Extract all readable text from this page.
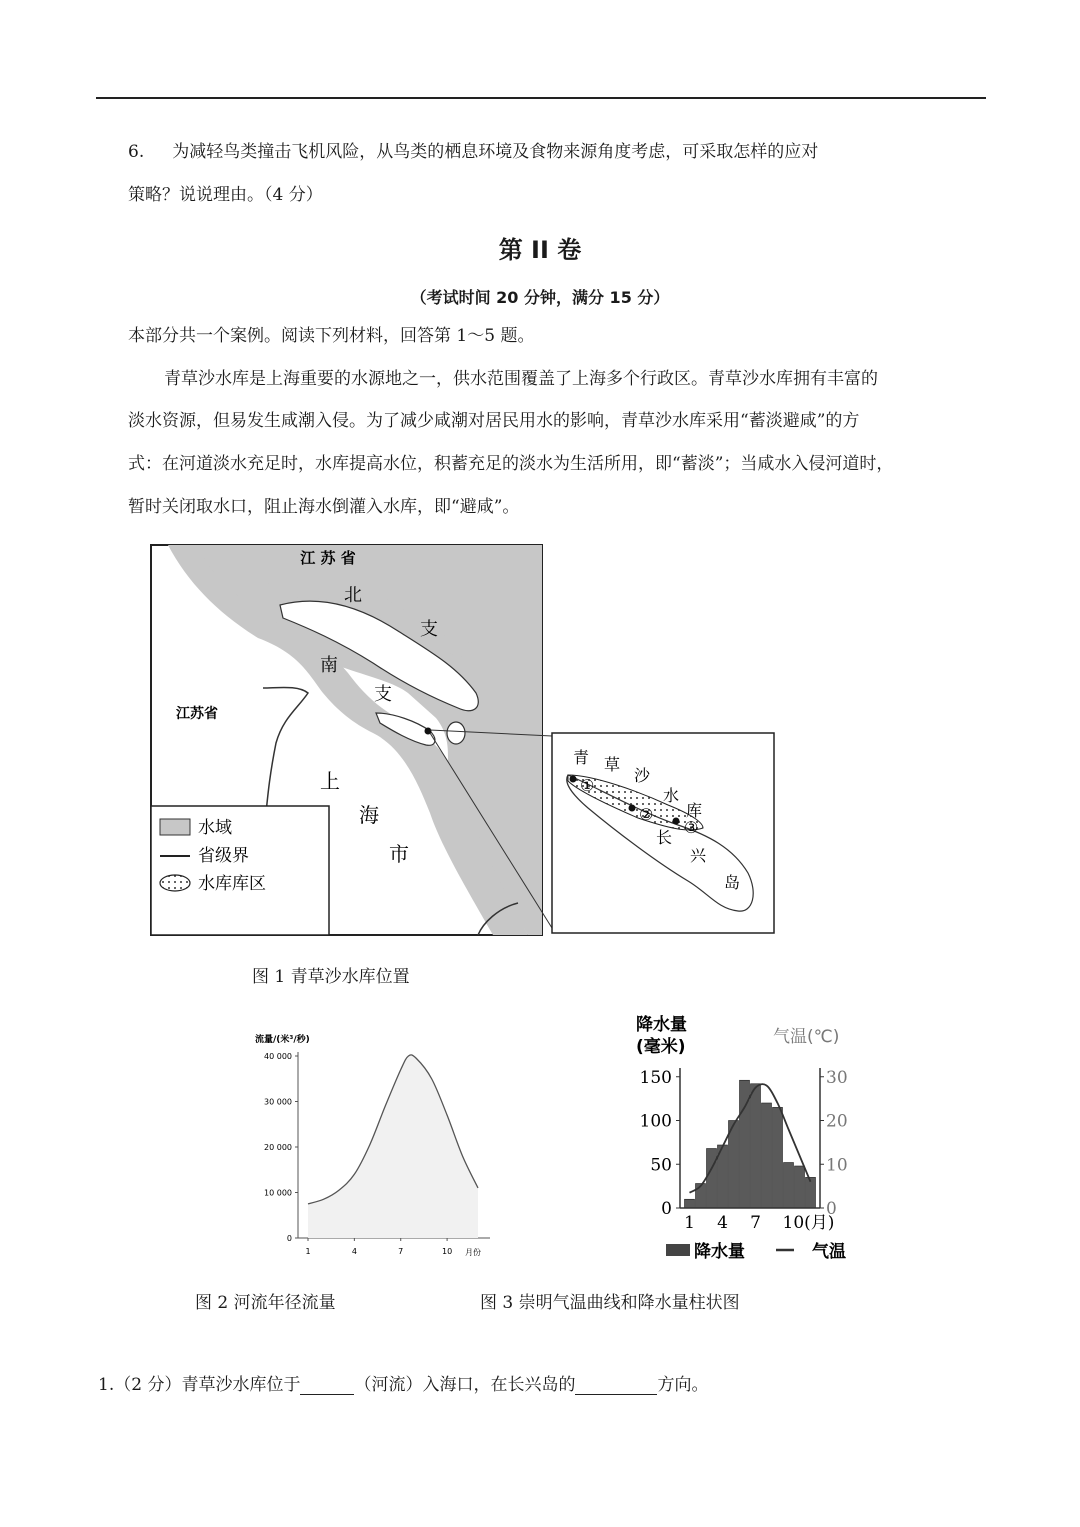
6. 为减轻鸟类撞击飞机风险，从鸟类的栖息环境及食物来源角度考虑，可采取怎样的应对
策略？说说理由。（4 分）
第 II 卷
（考试时间 20 分钟，满分 15 分）
本部分共一个案例。阅读下列材料，回答第 1～5 题。
青草沙水库是上海重要的水源地之一，供水范围覆盖了上海多个行政区。青草沙水库拥有丰富的
淡水资源，但易发生咸潮入侵。为了减少咸潮对居民用水的影响，青草沙水库采用“蓄淡避咸”的方
式：在河道淡水充足时，水库提高水位，积蓄充足的淡水为生活所用，即“蓄淡”；当咸水入侵河道时，
暂时关闭取水口，阻止海水倒灌入水库，即“避咸”。
江 苏 省
江苏省
北
支
南
支
上
海
市
水域
省级界
水库库区
①
②
③
青 草
沙
水
库
长
兴
岛
图 1 青草沙水库位置
流量/(米³/秒)
0
10 000
20 000
30 000
40 000
1	4	7	10 月份
图 2 河流年径流量
降水量
(毫米)	气温(℃)
0
50
100
150
0
10
20
30
1 4 7 10(月)
降水量	气温
图 3 崇明气温曲线和降水量柱状图
1.（2 分）青草沙水库位于	（河流）入海口，在长兴岛的	方向。
